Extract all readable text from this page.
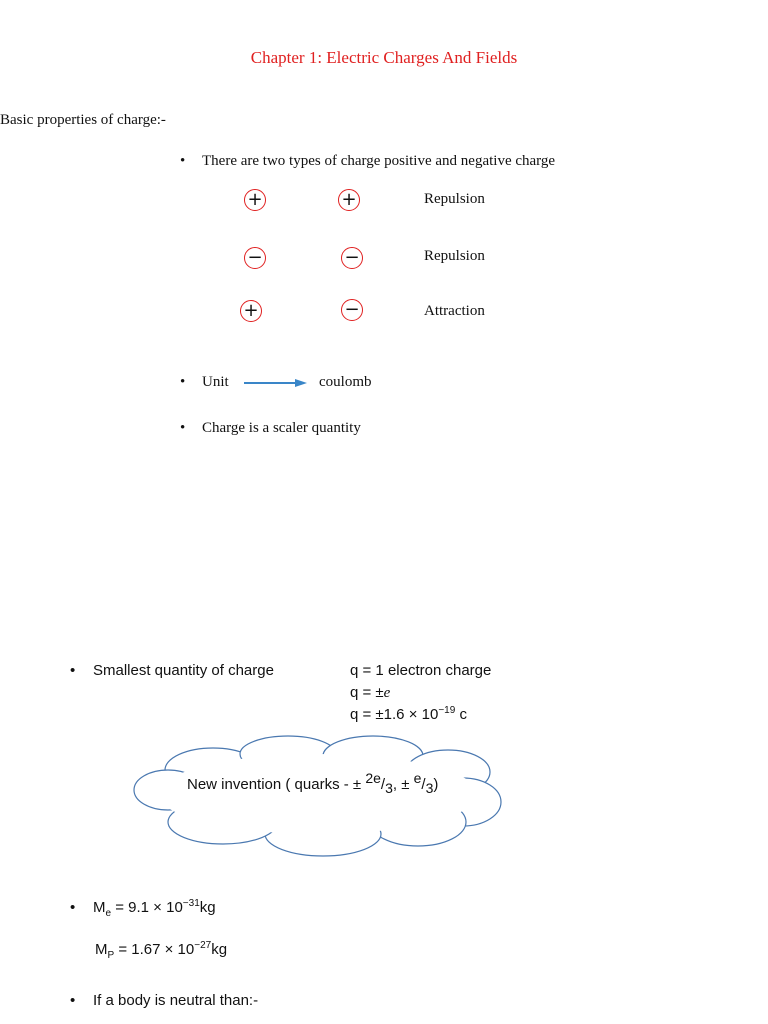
Chapter 1: Electric Charges And Fields
Basic properties of charge:-
• There are two types of charge positive and negative charge
+	+	Repulsion
−	−	Repulsion
+	−	Attraction
• Unit	coulomb
• Charge is a scaler quantity
• Smallest quantity of charge	q = 1 electron charge
q = ±e
$q = \pm 1.6 \times 10^{-19}$ c
New invention ( quarks - ± $^{2e}/_3$, ± $^e/_3$)
• $M_e = 9.1 \times 10^{-31}kg$
$M_P = 1.67 \times 10^{-27}kg$
• If a body is neutral than:-
